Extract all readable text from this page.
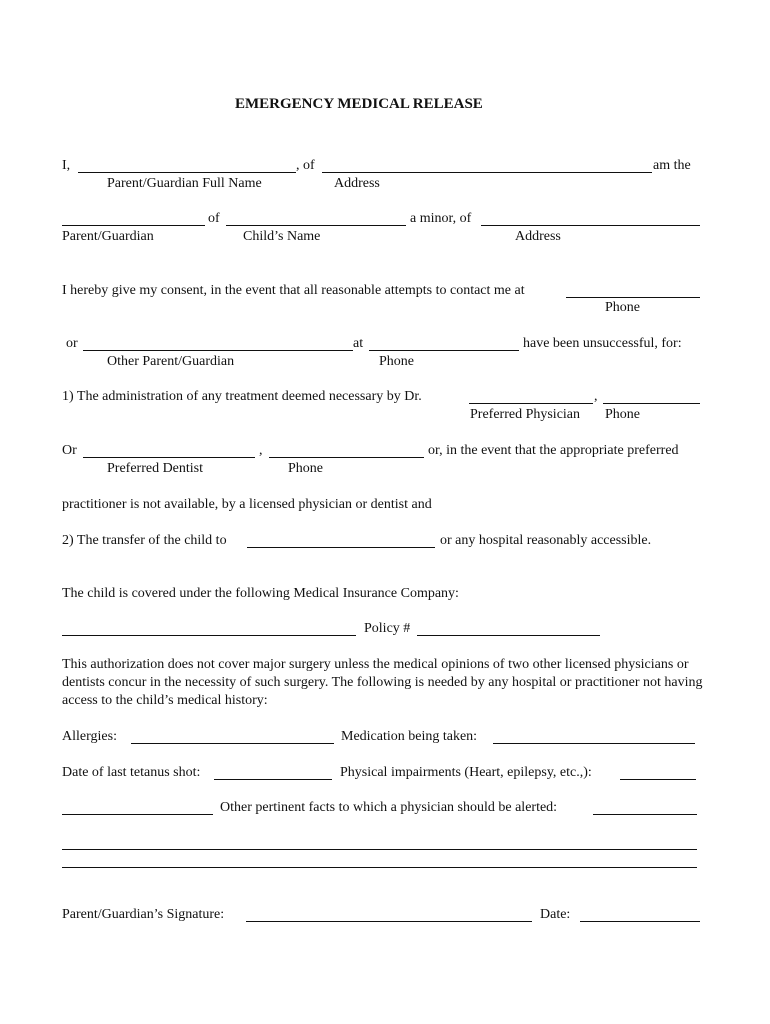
EMERGENCY MEDICAL RELEASE
I,	, of	am the
Parent/Guardian Full Name	Address
of	a minor, of
Parent/Guardian	Child’s Name	Address
I hereby give my consent, in the event that all reasonable attempts to contact me at
Phone
or	at	have been unsuccessful, for:
Other Parent/Guardian	Phone
1) The administration of any treatment deemed necessary by Dr.	,
Preferred Physician Phone
Or	,	or, in the event that the appropriate preferred
Preferred Dentist	Phone
practitioner is not available, by a licensed physician or dentist and
2) The transfer of the child to	or any hospital reasonably accessible.
The child is covered under the following Medical Insurance Company:
Policy #
This authorization does not cover major surgery unless the medical opinions of two other licensed physicians or dentists concur in the necessity of such surgery. The following is needed by any hospital or practitioner not having access to the child’s medical history:
Allergies:	Medication being taken:
Date of last tetanus shot:	Physical impairments (Heart, epilepsy, etc.,):
Other pertinent facts to which a physician should be alerted:
Parent/Guardian’s Signature:	Date:
